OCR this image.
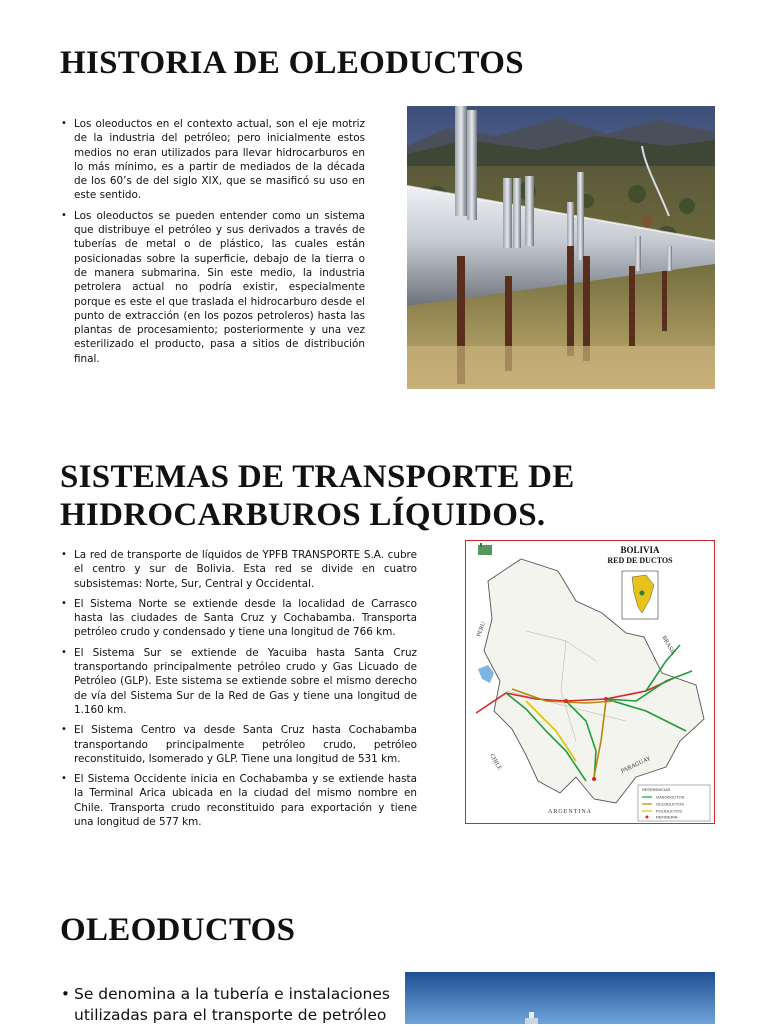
HISTORIA DE OLEODUCTOS
• Los oleoductos en el contexto actual, son el eje motriz de la industria del petróleo; pero inicialmente estos medios no eran utilizados para llevar hidrocarburos en lo más mínimo, es a partir de mediados de la década de los 60’s de del siglo XIX, que se masificó su uso en este sentido.
• Los oleoductos se pueden entender como un sistema que distribuye el petróleo y sus derivados a través de tuberías de metal o de plástico, las cuales están posicionadas sobre la superficie, debajo de la tierra o de manera submarina. Sin este medio, la industria petrolera actual no podría existir, especialmente porque es este el que traslada el hidrocarburo desde el punto de extracción (en los pozos petroleros) hasta las plantas de procesamiento; posteriormente y una vez esterilizado el producto, pasa a sitios de distribución final.
SISTEMAS DE TRANSPORTE DE
HIDROCARBUROS LÍQUIDOS.
• La red de transporte de líquidos de YPFB TRANSPORTE S.A. cubre el centro y sur de Bolivia. Esta red se divide en cuatro subsistemas: Norte, Sur, Central y Occidental.
• El Sistema Norte se extiende desde la localidad de Carrasco hasta las ciudades de Santa Cruz y Cochabamba. Transporta petróleo crudo y condensado y tiene una longitud de 766 km.
• El Sistema Sur se extiende de Yacuiba hasta Santa Cruz transportando principalmente petróleo crudo y Gas Licuado de Petróleo (GLP). Este sistema se extiende sobre el mismo derecho de vía del Sistema Sur de la Red de Gas y tiene una longitud de 1.160 km.
• El Sistema Centro va desde Santa Cruz hasta Cochabamba transportando principalmente petróleo crudo, petróleo reconstituido, Isomerado y GLP. Tiene una longitud de 531 km.
• El Sistema Occidente inicia en Cochabamba y se extiende hasta la Terminal Arica ubicada en la ciudad del mismo nombre en Chile. Transporta crudo reconstituido para exportación y tiene una longitud de 577 km.
BOLIVIA
RED DE DUCTOS
PERU
BRASIL
PARAGUAY
CHILE
ARGENTINA
REFERENCIAS
GASODUCTOS
OLEODUCTOS
POLIDUCTOS
REFINERIA
OLEODUCTOS
• Se denomina a la tubería e instalaciones utilizadas para el transporte de petróleo
